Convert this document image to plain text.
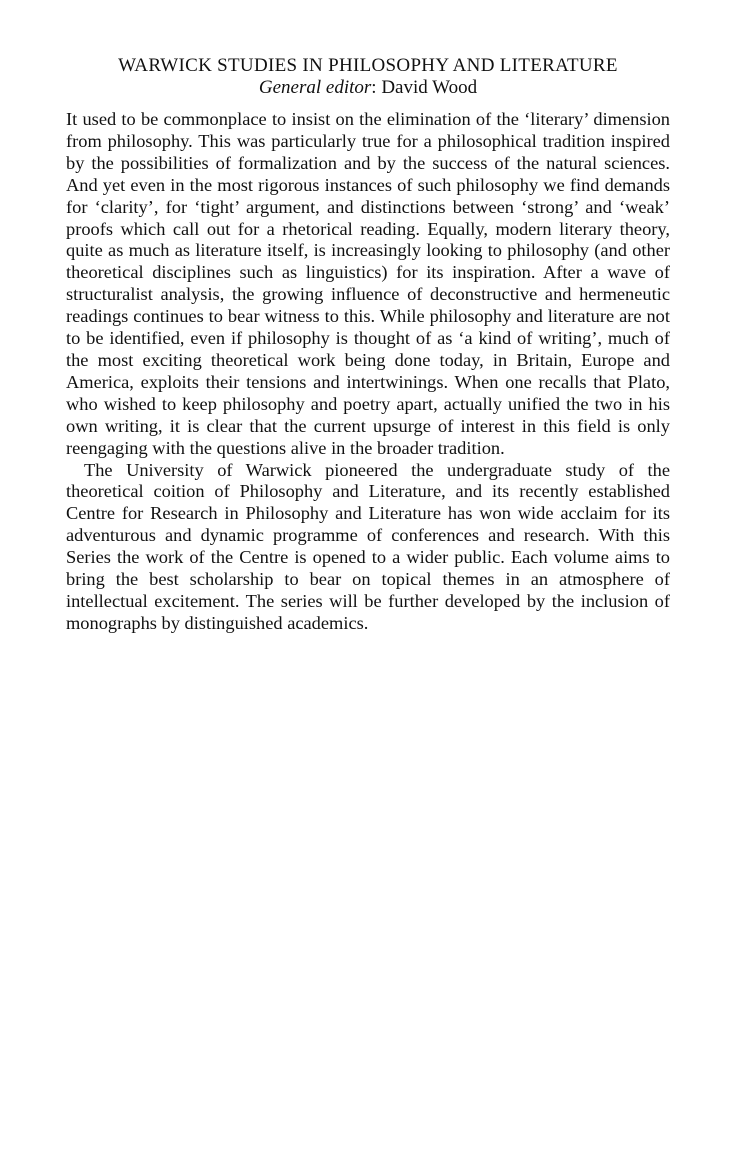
WARWICK STUDIES IN PHILOSOPHY AND LITERATURE

General editor: David Wood

It used to be commonplace to insist on the elimination of the ‘literary’ dimension from philosophy. This was particularly true for a philosophical tradition inspired by the possibilities of formalization and by the success of the natural sciences. And yet even in the most rigorous instances of such philosophy we find demands for ‘clarity’, for ‘tight’ argument, and distinctions between ‘strong’ and ‘weak’ proofs which call out for a rhetorical reading. Equally, modern literary theory, quite as much as literature itself, is increasingly looking to philosophy (and other theoretical disciplines such as linguistics) for its inspiration. After a wave of structuralist analysis, the growing influence of deconstructive and hermeneutic readings continues to bear witness to this. While philosophy and literature are not to be identified, even if philosophy is thought of as ‘a kind of writing’, much of the most exciting theoretical work being done today, in Britain, Europe and America, exploits their tensions and intertwinings. When one recalls that Plato, who wished to keep philosophy and poetry apart, actually unified the two in his own writing, it is clear that the current upsurge of interest in this field is only reengaging with the questions alive in the broader tradition.

The University of Warwick pioneered the undergraduate study of the theoretical coition of Philosophy and Literature, and its recently established Centre for Research in Philosophy and Literature has won wide acclaim for its adventurous and dynamic programme of conferences and research. With this Series the work of the Centre is opened to a wider public. Each volume aims to bring the best scholarship to bear on topical themes in an atmosphere of intellectual excitement. The series will be further developed by the inclusion of monographs by distinguished academics.
